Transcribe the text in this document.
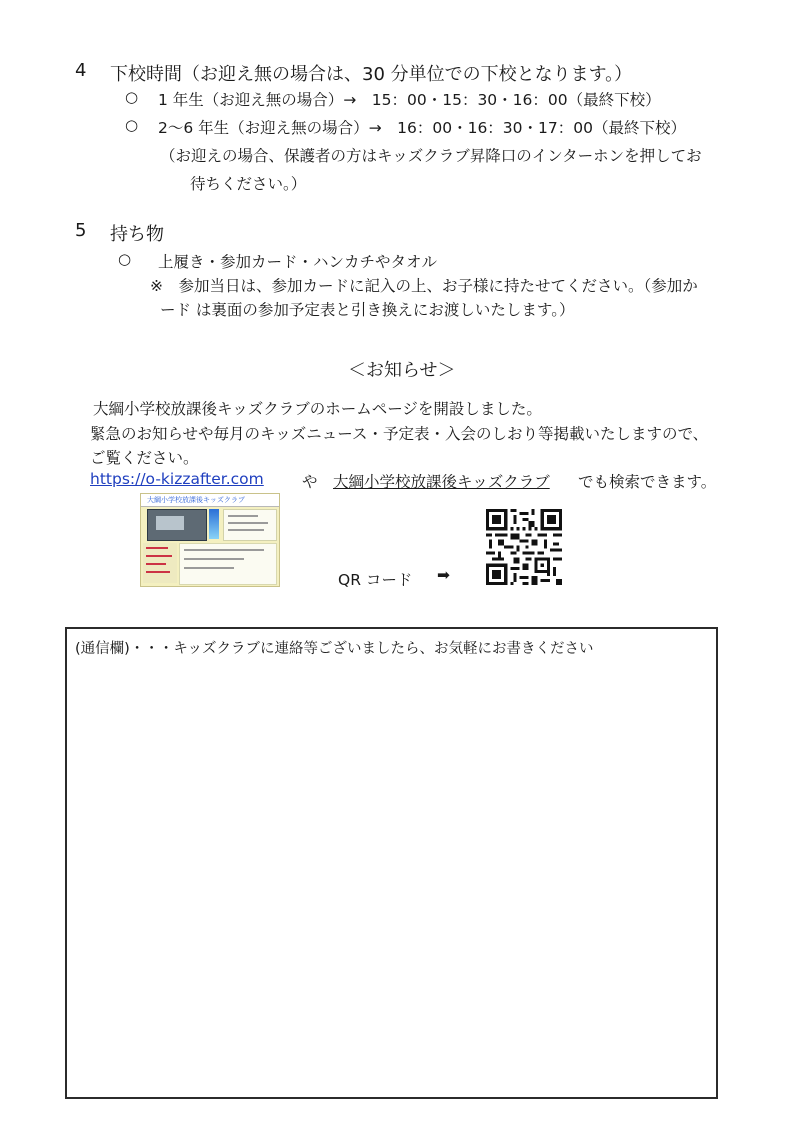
4 下校時間（お迎え無の場合は、30 分単位での下校となります。）
○ 1 年生（お迎え無の場合）→　15：00・15：30・16：00（最終下校）
○ 2～6 年生（お迎え無の場合）→　16：00・16：30・17：00（最終下校）
（お迎えの場合、保護者の方はキッズクラブ昇降口のインターホンを押してお
待ちください。）
5 持ち物
○ 上履き・参加カード・ハンカチやタオル
※　参加当日は、参加カードに記入の上、お子様に持たせてください。（参加か
ード は裏面の参加予定表と引き換えにお渡しいたします。）
＜お知らせ＞
大綱小学校放課後キッズクラブのホームページを開設しました。
緊急のお知らせや毎月のキッズニュース・予定表・入会のしおり等掲載いたしますので、
ご覧ください。
https://o-kizzafter.com や 大綱小学校放課後キッズクラブ でも検索できます。
大綱小学校放課後キッズクラブ
QR コード ➡
(通信欄)・・・キッズクラブに連絡等ございましたら、お気軽にお書きください
